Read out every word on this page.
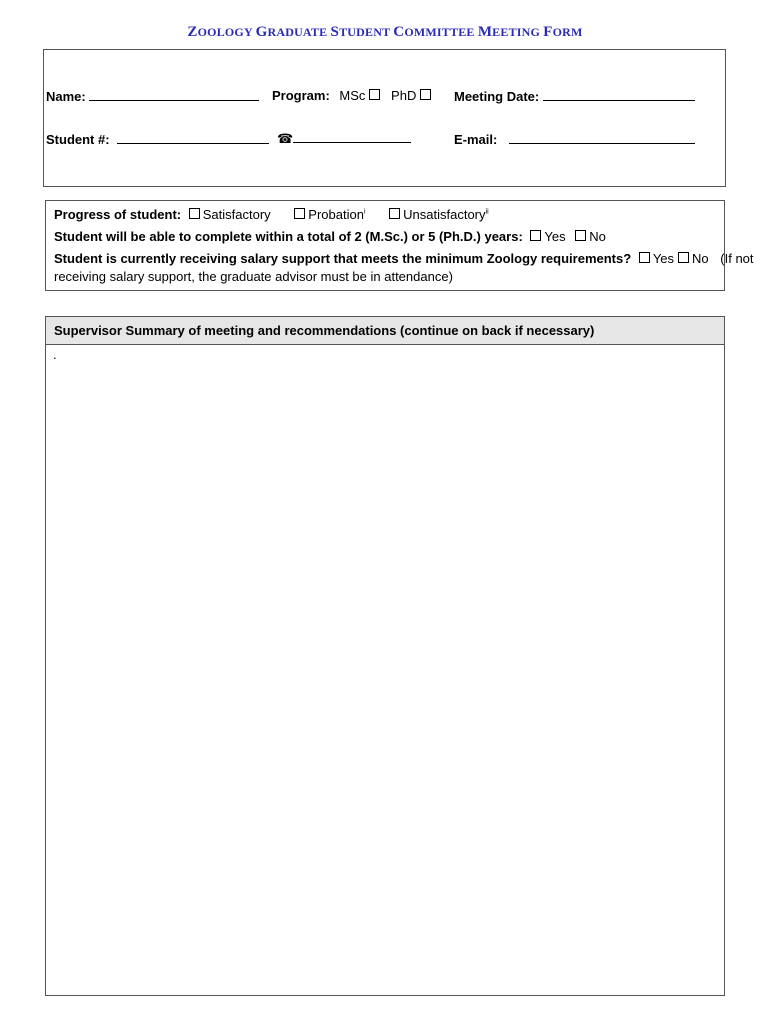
ZOOLOGY GRADUATE STUDENT COMMITTEE MEETING FORM
Name:	Program: MSc PhD	Meeting Date:
Student #:	☎	E-mail:
Progress of student: Satisfactory	Probation$^i$	Unsatisfactory$^{ii}$
Student will be able to complete within a total of 2 (M.Sc.) or 5 (Ph.D.) years: Yes No
Student is currently receiving salary support that meets the minimum Zoology requirements? Yes No (If not
receiving salary support, the graduate advisor must be in attendance)
Supervisor Summary of meeting and recommendations (continue on back if necessary)
.
